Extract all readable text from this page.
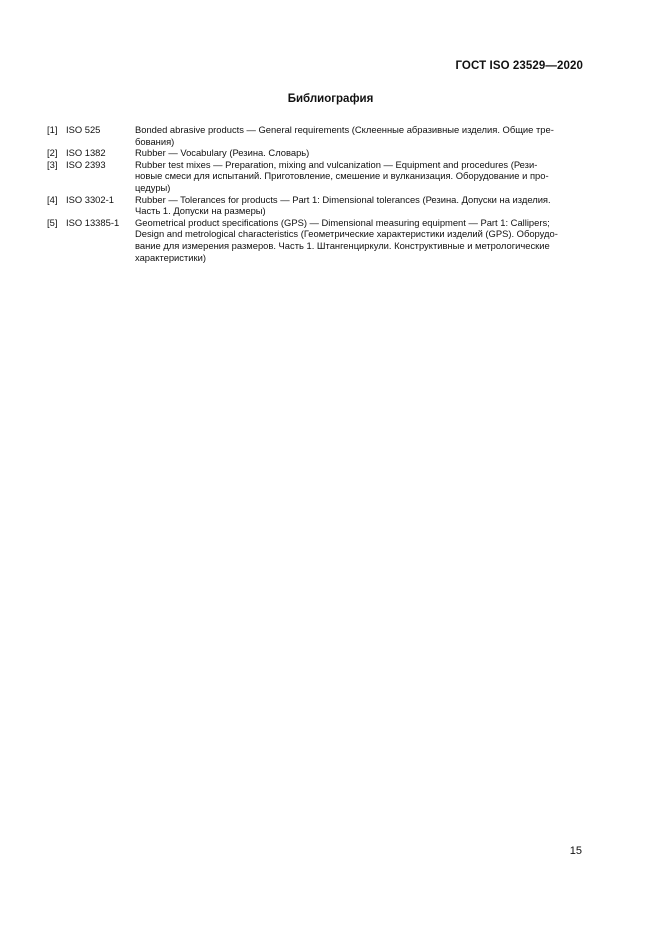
ГОСТ ISO 23529—2020
Библиография
[1] ISO 525	Bonded abrasive products — General requirements (Склеенные абразивные изделия. Общие тре-
бования)
[2] ISO 1382	Rubber — Vocabulary (Резина. Словарь)
[3] ISO 2393	Rubber test mixes — Preparation, mixing and vulcanization — Equipment and procedures (Рези-
новые смеси для испытаний. Приготовление, смешение и вулканизация. Оборудование и про-
цедуры)
[4] ISO 3302-1	Rubber — Tolerances for products — Part 1: Dimensional tolerances (Резина. Допуски на изделия.
Часть 1. Допуски на размеры)
[5] ISO 13385-1	Geometrical product specifications (GPS) — Dimensional measuring equipment — Part 1: Callipers;
Design and metrological characteristics (Геометрические характеристики изделий (GPS). Оборудо-
вание для измерения размеров. Часть 1. Штангенциркули. Конструктивные и метрологические
характеристики)
15
